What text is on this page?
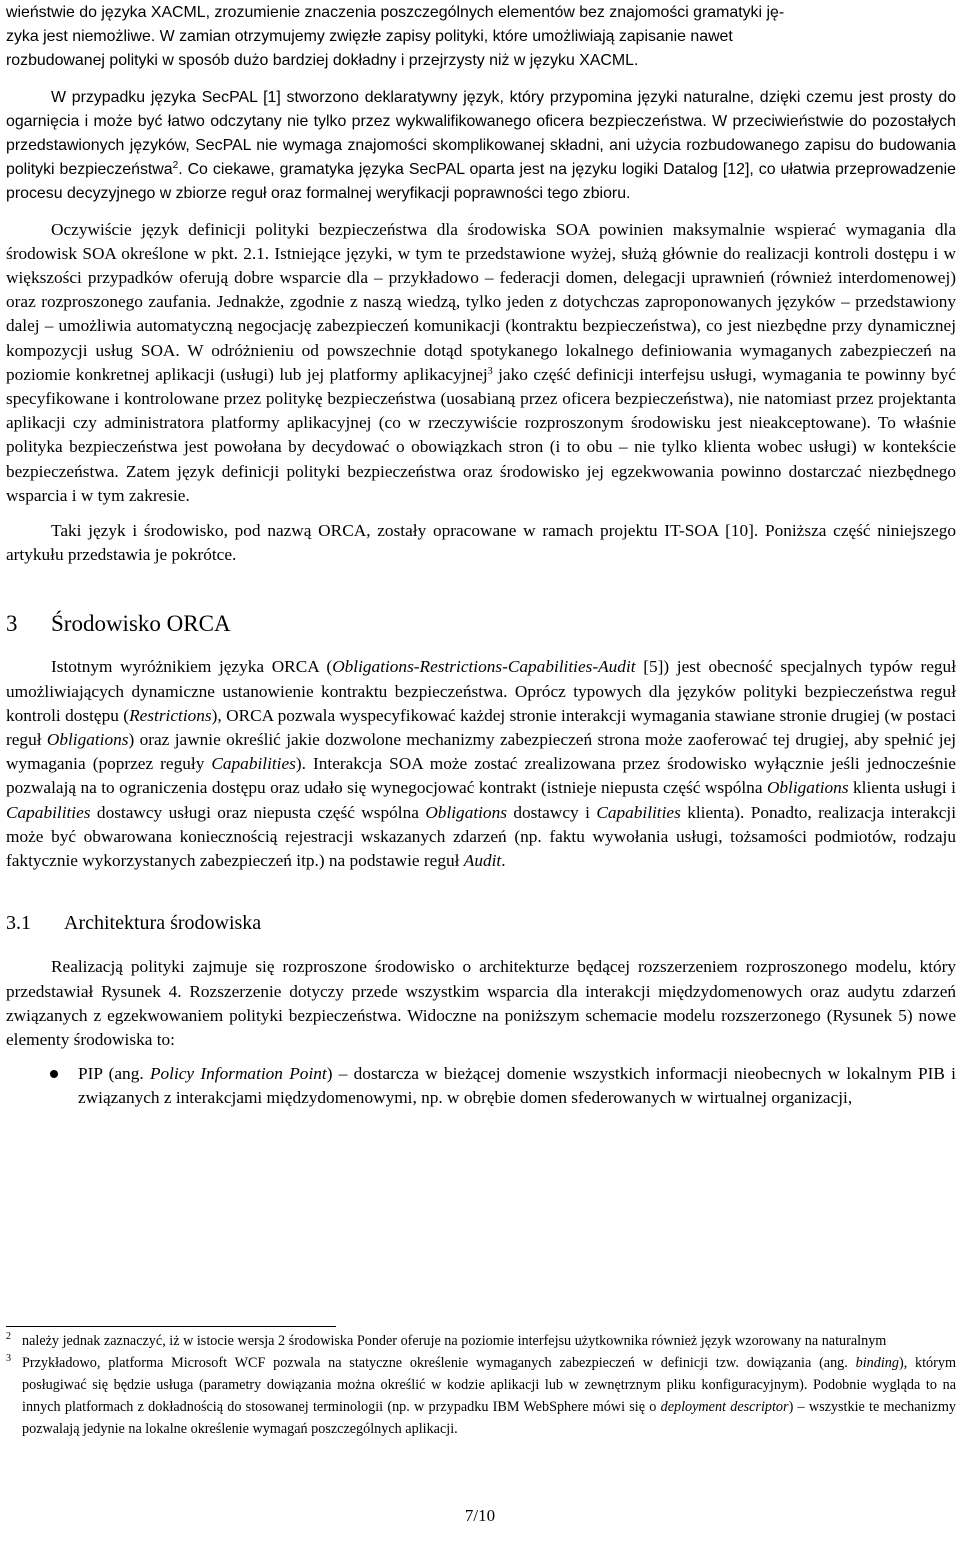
wieństwie do języka XACML, zrozumienie znaczenia poszczególnych elementów bez znajomości gramatyki ję-
zyka jest niemożliwe. W zamian otrzymujemy zwięzłe zapisy polityki, które umożliwiają zapisanie nawet
rozbudowanej polityki w sposób dużo bardziej dokładny i przejrzysty niż w języku XACML.

W przypadku języka SecPAL [1] stworzono deklaratywny język, który przypomina języki naturalne, dzięki czemu jest prosty do ogarnięcia i może być łatwo odczytany nie tylko przez wykwalifikowanego oficera bezpieczeństwa. W przeciwieństwie do pozostałych przedstawionych języków, SecPAL nie wymaga znajomości skomplikowanej składni, ani użycia rozbudowanego zapisu do budowania polityki bezpieczeństwa$^2$. Co ciekawe, gramatyka języka SecPAL oparta jest na języku logiki Datalog [12], co ułatwia przeprowadzenie procesu decyzyjnego w zbiorze reguł oraz formalnej weryfikacji poprawności tego zbioru.

Oczywiście język definicji polityki bezpieczeństwa dla środowiska SOA powinien maksymalnie wspierać wymagania dla środowisk SOA określone w pkt. 2.1. Istniejące języki, w tym te przedstawione wyżej, służą głównie do realizacji kontroli dostępu i w większości przypadków oferują dobre wsparcie dla – przykładowo – federacji domen, delegacji uprawnień (również interdomenowej) oraz rozproszonego zaufania. Jednakże, zgodnie z naszą wiedzą, tylko jeden z dotychczas zaproponowanych języków – przedstawiony dalej – umożliwia automatyczną negocjację zabezpieczeń komunikacji (kontraktu bezpieczeństwa), co jest niezbędne przy dynamicznej kompozycji usług SOA. W odróżnieniu od powszechnie dotąd spotykanego lokalnego definiowania wymaganych zabezpieczeń na poziomie konkretnej aplikacji (usługi) lub jej platformy aplikacyjnej$^3$ jako część definicji interfejsu usługi, wymagania te powinny być specyfikowane i kontrolowane przez politykę bezpieczeństwa (uosabianą przez oficera bezpieczeństwa), nie natomiast przez projektanta aplikacji czy administratora platformy aplikacyjnej (co w rzeczywiście rozproszonym środowisku jest nieakceptowane). To właśnie polityka bezpieczeństwa jest powołana by decydować o obowiązkach stron (i to obu – nie tylko klienta wobec usługi) w kontekście bezpieczeństwa. Zatem język definicji polityki bezpieczeństwa oraz środowisko jej egzekwowania powinno dostarczać niezbędnego wsparcia i w tym zakresie.

Taki język i środowisko, pod nazwą ORCA, zostały opracowane w ramach projektu IT-SOA [10]. Poniższa część niniejszego artykułu przedstawia je pokrótce.

3 Środowisko ORCA

Istotnym wyróżnikiem języka ORCA (Obligations-Restrictions-Capabilities-Audit [5]) jest obecność specjalnych typów reguł umożliwiających dynamiczne ustanowienie kontraktu bezpieczeństwa. Oprócz typowych dla języków polityki bezpieczeństwa reguł kontroli dostępu (Restrictions), ORCA pozwala wyspecyfikować każdej stronie interakcji wymagania stawiane stronie drugiej (w postaci reguł Obligations) oraz jawnie określić jakie dozwolone mechanizmy zabezpieczeń strona może zaoferować tej drugiej, aby spełnić jej wymagania (poprzez reguły Capabilities). Interakcja SOA może zostać zrealizowana przez środowisko wyłącznie jeśli jednocześnie pozwalają na to ograniczenia dostępu oraz udało się wynegocjować kontrakt (istnieje niepusta część wspólna Obligations klienta usługi i Capabilities dostawcy usługi oraz niepusta część wspólna Obligations dostawcy i Capabilities klienta). Ponadto, realizacja interakcji może być obwarowana koniecznością rejestracji wskazanych zdarzeń (np. faktu wywołania usługi, tożsamości podmiotów, rodzaju faktycznie wykorzystanych zabezpieczeń itp.) na podstawie reguł Audit.

3.1 Architektura środowiska

Realizacją polityki zajmuje się rozproszone środowisko o architekturze będącej rozszerzeniem rozproszonego modelu, który przedstawiał Rysunek 4. Rozszerzenie dotyczy przede wszystkim wsparcia dla interakcji międzydomenowych oraz audytu zdarzeń związanych z egzekwowaniem polityki bezpieczeństwa. Widoczne na poniższym schemacie modelu rozszerzonego (Rysunek 5) nowe elementy środowiska to:

PIP (ang. Policy Information Point) – dostarcza w bieżącej domenie wszystkich informacji nieobecnych w lokalnym PIB i związanych z interakcjami międzydomenowymi, np. w obrębie domen sfederowanych w wirtualnej organizacji,
2 należy jednak zaznaczyć, iż w istocie wersja 2 środowiska Ponder oferuje na poziomie interfejsu użytkownika również język wzorowany na naturalnym
3 Przykładowo, platforma Microsoft WCF pozwala na statyczne określenie wymaganych zabezpieczeń w definicji tzw. dowiązania (ang. binding), którym posługiwać się będzie usługa (parametry dowiązania można określić w kodzie aplikacji lub w zewnętrznym pliku konfiguracyjnym). Podobnie wygląda to na innych platformach z dokładnością do stosowanej terminologii (np. w przypadku IBM WebSphere mówi się o deployment descriptor) – wszystkie te mechanizmy pozwalają jedynie na lokalne określenie wymagań poszczególnych aplikacji.
7/10
